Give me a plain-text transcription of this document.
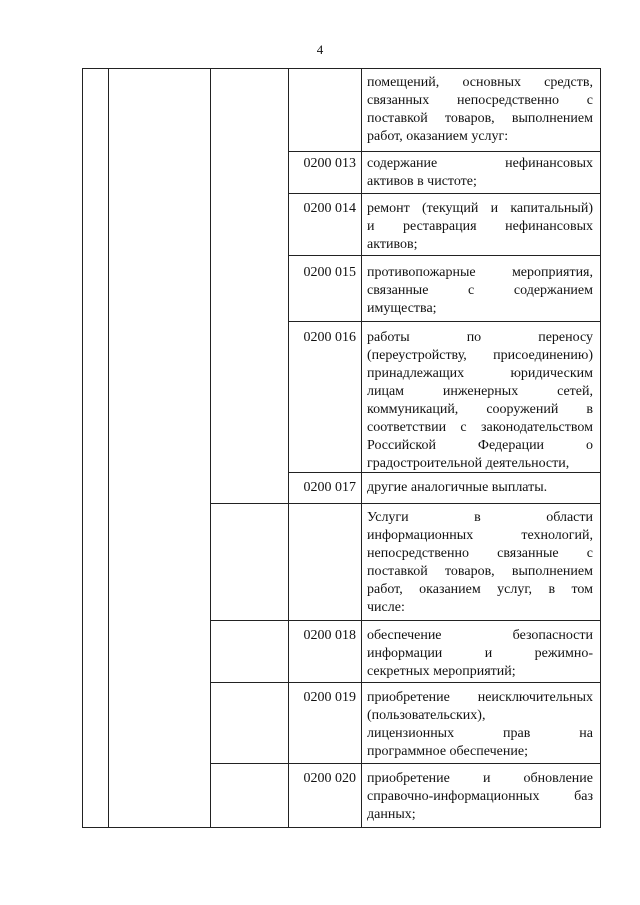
4
помещений, основных средств,
связанных непосредственно с
поставкой товаров, выполнением
работ, оказанием услуг:
0200 013 содержание нефинансовых
активов в чистоте;
0200 014 ремонт (текущий и капитальный)
и реставрация нефинансовых
активов;
0200 015 противопожарные мероприятия,
связанные с содержанием
имущества;
0200 016 работы по переносу
(переустройству, присоединению)
принадлежащих юридическим
лицам инженерных сетей,
коммуникаций, сооружений в
соответствии с законодательством
Российской Федерации о
градостроительной деятельности,
0200 017 другие аналогичные выплаты.
Услуги в области
информационных технологий,
непосредственно связанные с
поставкой товаров, выполнением
работ, оказанием услуг, в том
числе:
0200 018 обеспечение безопасности
информации и режимно-
секретных мероприятий;
0200 019 приобретение неисключительных
(пользовательских),
лицензионных прав на
программное обеспечение;
0200 020 приобретение и обновление
справочно-информационных баз
данных;
